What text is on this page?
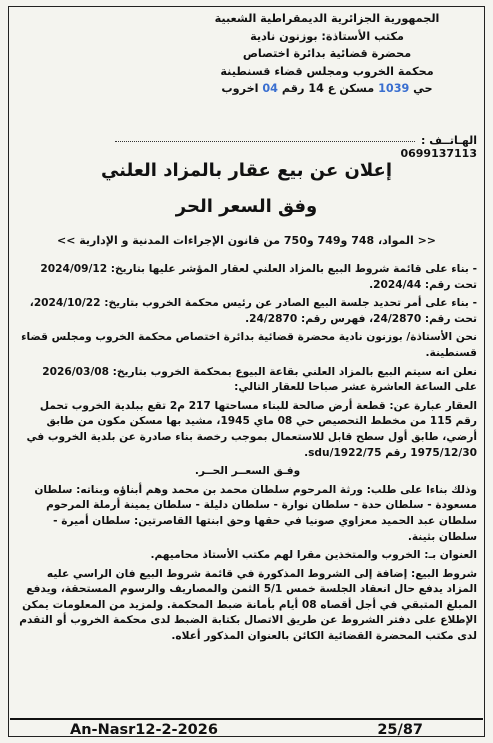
الجمهورية الجزائرية الديمقراطية الشعبية
مكتب الأستاذة: بوزنون نادية
محضرة قضائية بدائرة اختصاص
محكمة الخروب ومجلس قضاء قسنطينة
حي 1039 مسكن ع 14 رقم 04 اخروب
الهـاتــف :0699137113
إعلان عن بيع عقار بالمزاد العلني
وفق السعر الحر
<< المواد، 748 و749 و750 من قانون الإجراءات المدنية و الإدارية >>

- بناء على قائمة شروط البيع بالمزاد العلني لعقار المؤشر عليها بتاريخ: 2024/09/12 تحت رقم: 2024/44.

- بناء على أمر تحديد جلسة البيع الصادر عن رئيس محكمة الخروب بتاريخ: 2024/10/22، تحت رقم: 24/2870، فهرس رقم: 24/2870.

نحن الأستاذة/ بوزنون نادية محضرة قضائية بدائرة اختصاص محكمة الخروب ومجلس قضاء قسنطينة.

نعلن انه سيتم البيع بالمزاد العلني بقاعة البيوع بمحكمة الخروب بتاريخ: 2026/03/08 على الساعة العاشرة عشر صباحا للعقار التالي:

العقار عبارة عن: قطعة أرض صالحة للبناء مساحتها 217 م2 تقع ببلدية الخروب تحمل رقم 115 من مخطط التحصيص حي 08 ماي 1945، مشيد بها مسكن مكون من طابق أرضي، طابق أول سطح قابل للاستعمال بموجب رخصة بناء صادرة عن بلدية الخروب في 1975/12/30 رقم 1922/75/sdu.

وفـق السعــر الحــر.

وذلك بناءا على طلب: ورثة المرحوم سلطان محمد بن محمد وهم أبناؤه وبناته: سلطان مسعودة - سلطان حدة - سلطان نوارة - سلطان دليلة - سلطان يمينة أرملة المرحوم سلطان عبد الحميد معزاوي صونيا في حقها وحق ابنتها القاصرتين: سلطان أميرة - سلطان بثينة.

العنوان بـ: الخروب والمتخذين مقرا لهم مكتب الأستاذ محاميهم.

شروط البيع: إضافة إلى الشروط المذكورة في قائمة شروط البيع فان الراسي عليه المزاد يدفع حال انعقاد الجلسة خمس 5/1 الثمن والمصاريف والرسوم المستحقة، ويدفع المبلغ المتبقي في أجل أقصاه 08 أيام بأمانة ضبط المحكمة. ولمزيد من المعلومات يمكن الإطلاع على دفتر الشروط عن طريق الاتصال بكتابة الضبط لدى محكمة الخروب أو التقدم لدى مكتب المحضرة القضائية الكائن بالعنوان المذكور أعلاه.

An-Nasr12-2-2026	25/87
